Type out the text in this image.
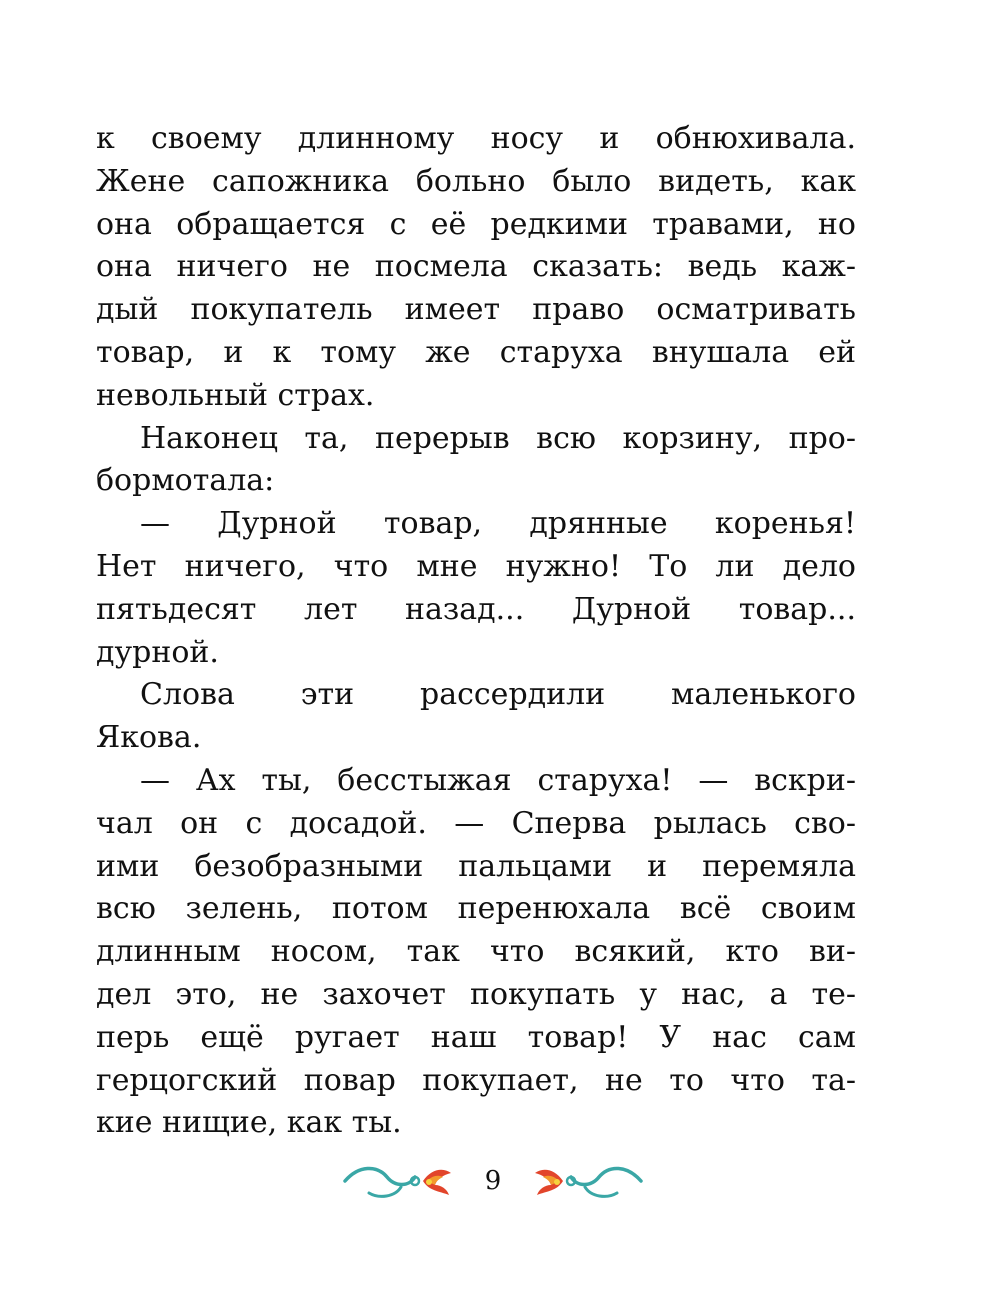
к своему длинному носу и обнюхивала.
Жене сапожника больно было видеть, как
она обращается с её редкими травами, но
она ничего не посмела сказать: ведь каж-
дый покупатель имеет право осматривать
товар, и к тому же старуха внушала ей
невольный страх.
Наконец та, перерыв всю корзину, про-
бормотала:
— Дурной товар, дрянные коренья!
Нет ничего, что мне нужно! То ли дело
пятьдесят лет назад... Дурной товар...
дурной.
Слова эти рассердили маленького
Якова.
— Ах ты, бесстыжая старуха! — вскри-
чал он с досадой. — Сперва рылась сво-
ими безобразными пальцами и перемяла
всю зелень, потом перенюхала всё своим
длинным носом, так что всякий, кто ви-
дел это, не захочет покупать у нас, а те-
перь ещё ругает наш товар! У нас сам
герцогский повар покупает, не то что та-
кие нищие, как ты.
9
